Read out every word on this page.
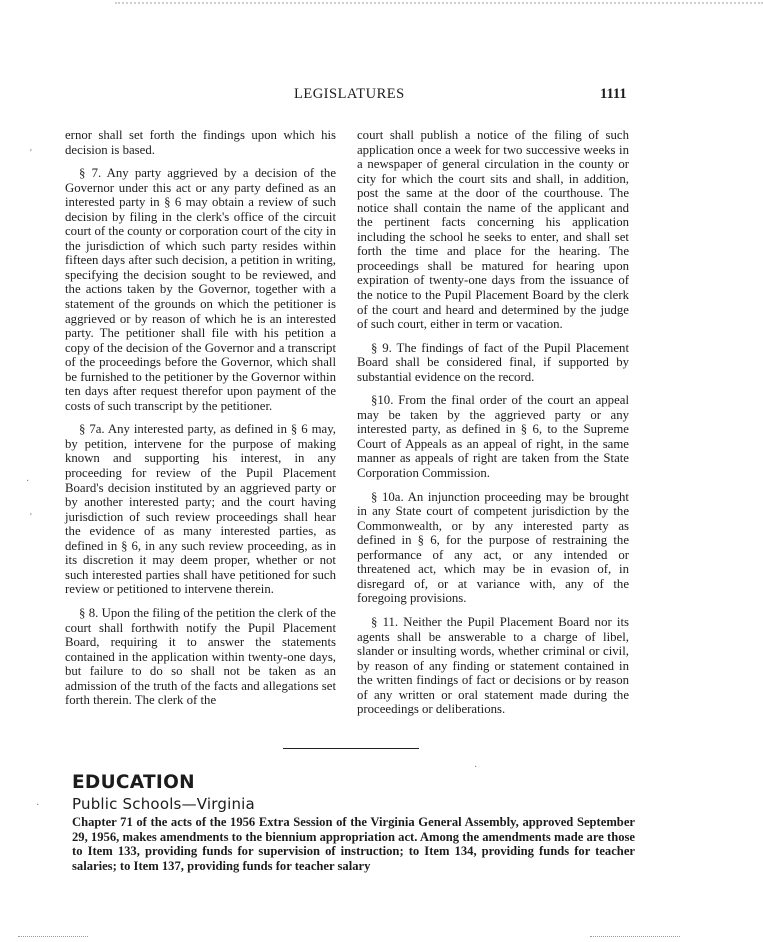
LEGISLATURES	1111

ernor shall set forth the findings upon which his decision is based.

§ 7. Any party aggrieved by a decision of the Governor under this act or any party defined as an interested party in § 6 may obtain a review of such decision by filing in the clerk's office of the circuit court of the county or corporation court of the city in the jurisdiction of which such party resides within fifteen days after such decision, a petition in writing, specifying the decision sought to be reviewed, and the actions taken by the Governor, together with a statement of the grounds on which the petitioner is aggrieved or by reason of which he is an interested party. The petitioner shall file with his petition a copy of the decision of the Governor and a transcript of the proceedings before the Governor, which shall be furnished to the petitioner by the Governor within ten days after request therefor upon payment of the costs of such transcript by the petitioner.

§ 7a. Any interested party, as defined in § 6 may, by petition, intervene for the purpose of making known and supporting his interest, in any proceeding for review of the Pupil Placement Board's decision instituted by an aggrieved party or by another interested party; and the court having jurisdiction of such review proceedings shall hear the evidence of as many interested parties, as defined in § 6, in any such review proceeding, as in its discretion it may deem proper, whether or not such interested parties shall have petitioned for such review or petitioned to intervene therein.

§ 8. Upon the filing of the petition the clerk of the court shall forthwith notify the Pupil Placement Board, requiring it to answer the statements contained in the application within twenty-one days, but failure to do so shall not be taken as an admission of the truth of the facts and allegations set forth therein. The clerk of the

court shall publish a notice of the filing of such application once a week for two successive weeks in a newspaper of general circulation in the county or city for which the court sits and shall, in addition, post the same at the door of the courthouse. The notice shall contain the name of the applicant and the pertinent facts concerning his application including the school he seeks to enter, and shall set forth the time and place for the hearing. The proceedings shall be matured for hearing upon expiration of twenty-one days from the issuance of the notice to the Pupil Placement Board by the clerk of the court and heard and determined by the judge of such court, either in term or vacation.

§ 9. The findings of fact of the Pupil Placement Board shall be considered final, if supported by substantial evidence on the record.

§10. From the final order of the court an appeal may be taken by the aggrieved party or any interested party, as defined in § 6, to the Supreme Court of Appeals as an appeal of right, in the same manner as appeals of right are taken from the State Corporation Commission.

§ 10a. An injunction proceeding may be brought in any State court of competent jurisdiction by the Commonwealth, or by any interested party as defined in § 6, for the purpose of restraining the performance of any act, or any intended or threatened act, which may be in evasion of, in disregard of, or at variance with, any of the foregoing provisions.

§ 11. Neither the Pupil Placement Board nor its agents shall be answerable to a charge of libel, slander or insulting words, whether criminal or civil, by reason of any finding or statement contained in the written findings of fact or decisions or by reason of any written or oral statement made during the proceedings or deliberations.

EDUCATION
Public Schools—Virginia
Chapter 71 of the acts of the 1956 Extra Session of the Virginia General Assembly, approved September 29, 1956, makes amendments to the biennium appropriation act. Among the amendments made are those to Item 133, providing funds for supervision of instruction; to Item 134, providing funds for teacher salaries; to Item 137, providing funds for teacher salary
'
·
'
·
·
